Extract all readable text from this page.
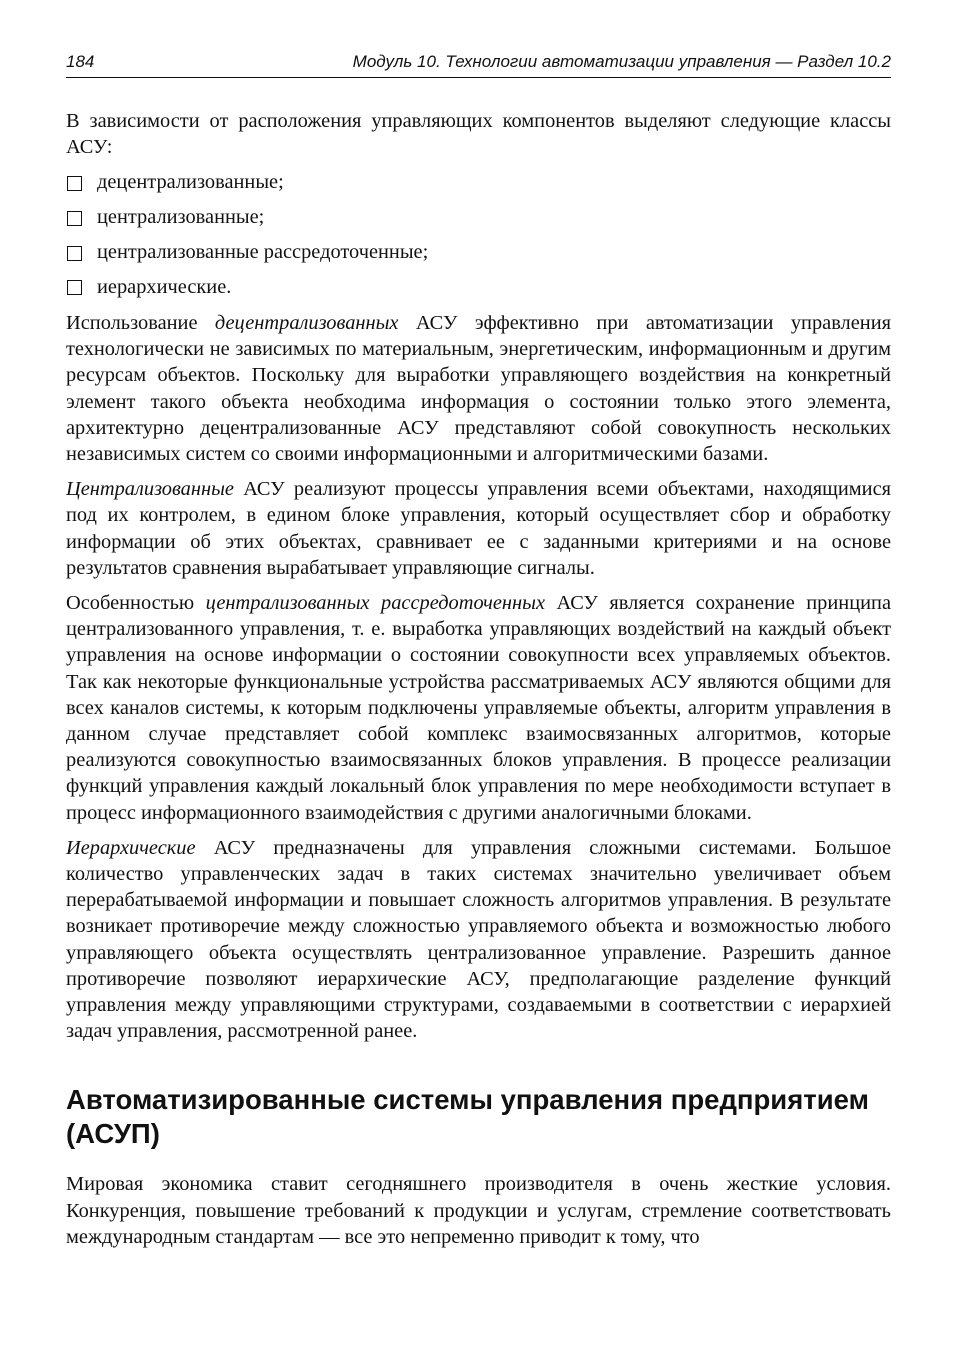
184	Модуль 10. Технологии автоматизации управления — Раздел 10.2

В зависимости от расположения управляющих компонентов выделяют следующие классы АСУ:

децентрализованные;
централизованные;
централизованные рассредоточенные;
иерархические.

Использование децентрализованных АСУ эффективно при автоматизации управления технологически не зависимых по материальным, энергетическим, информационным и другим ресурсам объектов. Поскольку для выработки управляющего воздействия на конкретный элемент такого объекта необходима информация о состоянии только этого элемента, архитектурно децентрализованные АСУ представляют собой совокупность нескольких независимых систем со своими информационными и алгоритмическими базами.

Централизованные АСУ реализуют процессы управления всеми объектами, находящимися под их контролем, в едином блоке управления, который осуществляет сбор и обработку информации об этих объектах, сравнивает ее с заданными критериями и на основе результатов сравнения вырабатывает управляющие сигналы.

Особенностью централизованных рассредоточенных АСУ является сохранение принципа централизованного управления, т. е. выработка управляющих воздействий на каждый объект управления на основе информации о состоянии совокупности всех управляемых объектов. Так как некоторые функциональные устройства рассматриваемых АСУ являются общими для всех каналов системы, к которым подключены управляемые объекты, алгоритм управления в данном случае представляет собой комплекс взаимосвязанных алгоритмов, которые реализуются совокупностью взаимосвязанных блоков управления. В процессе реализации функций управления каждый локальный блок управления по мере необходимости вступает в процесс информационного взаимодействия с другими аналогичными блоками.

Иерархические АСУ предназначены для управления сложными системами. Большое количество управленческих задач в таких системах значительно увеличивает объем перерабатываемой информации и повышает сложность алгоритмов управления. В результате возникает противоречие между сложностью управляемого объекта и возможностью любого управляющего объекта осуществлять централизованное управление. Разрешить данное противоречие позволяют иерархические АСУ, предполагающие разделение функций управления между управляющими структурами, создаваемыми в соответствии с иерархией задач управления, рассмотренной ранее.

Автоматизированные системы управления предприятием (АСУП)

Мировая экономика ставит сегодняшнего производителя в очень жесткие условия. Конкуренция, повышение требований к продукции и услугам, стремление соответствовать международным стандартам — все это непременно приводит к тому, что
